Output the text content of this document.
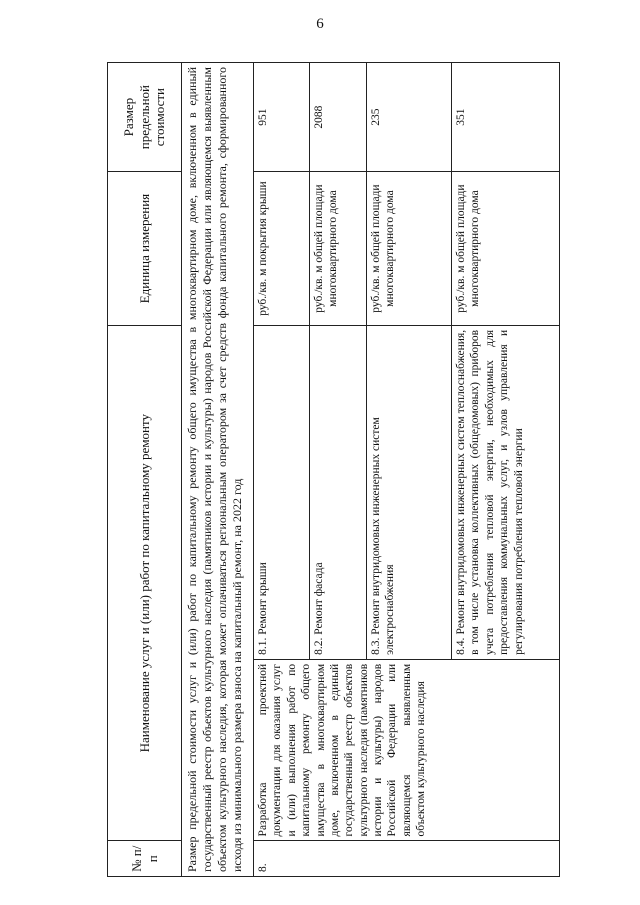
6
№ п/п	Наименование услуг и (или) работ по капитальному ремонту		Единица измерения	Размер предельной стоимости
Размер предельной стоимости услуг и (или) работ по капитальному ремонту общего имущества в многоквартирном доме, включенном в единый государственный реестр объектов культурного наследия (памятников истории и культуры) народов Российской Федерации или являющемся выявленным объектом культурного наследия, которая может оплачиваться региональным оператором за счет средств фонда капитального ремонта, сформированного исходя из минимального размера взноса на капитальный ремонт, на 2022 год				
8.	Разработка проектной документации для оказания услуг и (или) выполнения работ по капитальному ремонту общего имущества в многоквартирном доме, включенном в единый государственный реестр объектов культурного наследия (памятников истории и культуры) народов Российской Федерации или являющемся выявленным объектом культурного наследия	8.1. Ремонт крыши	руб./кв. м покрытия крыши	951
		8.2. Ремонт фасада	руб./кв. м общей площади многоквартирного дома	2088
		8.3. Ремонт внутридомовых инженерных систем электроснабжения	руб./кв. м общей площади многоквартирного дома	235
		8.4. Ремонт внутридомовых инженерных систем теплоснабжения, в том числе установка коллективных (общедомовых) приборов учета потребления тепловой энергии, необходимых для предоставления коммунальных услуг, и узлов управления и регулирования потребления тепловой энергии	руб./кв. м общей площади многоквартирного дома	351
